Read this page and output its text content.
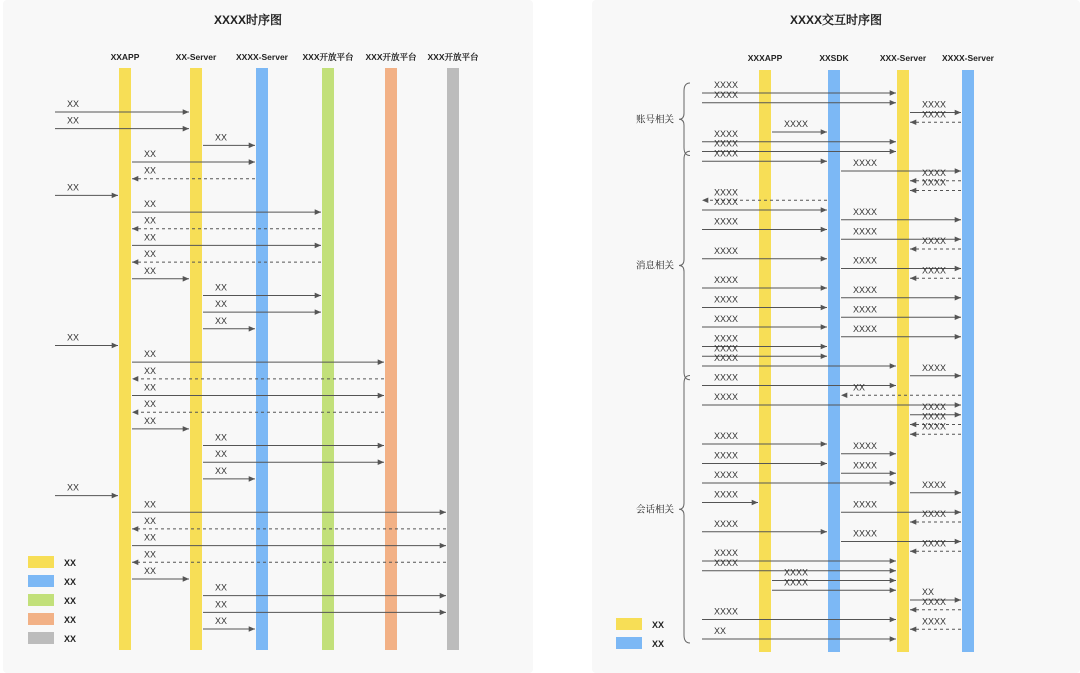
XXXX时序图
XXAPP	XX-Server XXXX-Server XXX开放平台 XXX开放平台 XXX开放平台
XX
XX
XX
XX
XX
XX
XX
XX
XX
XX
XX
XX
XX
XX
XX
XX
XX
XX
XX
XX
XX
XX
XX
XX
XX
XX
XX
XX
XX
XX
XX
XX
XX
XX
XX
XX
XX
XXXX交互时序图
XXXAPP	XXSDK	XXX-Server XXXX-Server
XXXX
XXXX
XXXX
XXXX
XXXX
XXXX
XXXX
XXXX
XXXX
XXXX
XXXX
XXXX
XXXX
XXXX
XXXX
XXXX
XXXX
XXXX
XXXX
XXXX
XXXX
XXXX
XXXX
XXXX
XXXX
XXXX
XXXX
XXXX
XXXX
XXXX
XXXX
XX
XXXX
XXXX
XXXX
XXXX
XXXX
XXXX
XXXX
XXXX
XXXX
XXXX
XXXX
XXXX
XXXX
XXXX
XXXX
XXXX
XXXX
XXXX
XXXX
XXXX
XX
XXXX
XXXX
XXXX
XX
账号相关
消息相关
会话相关
XX
XX
